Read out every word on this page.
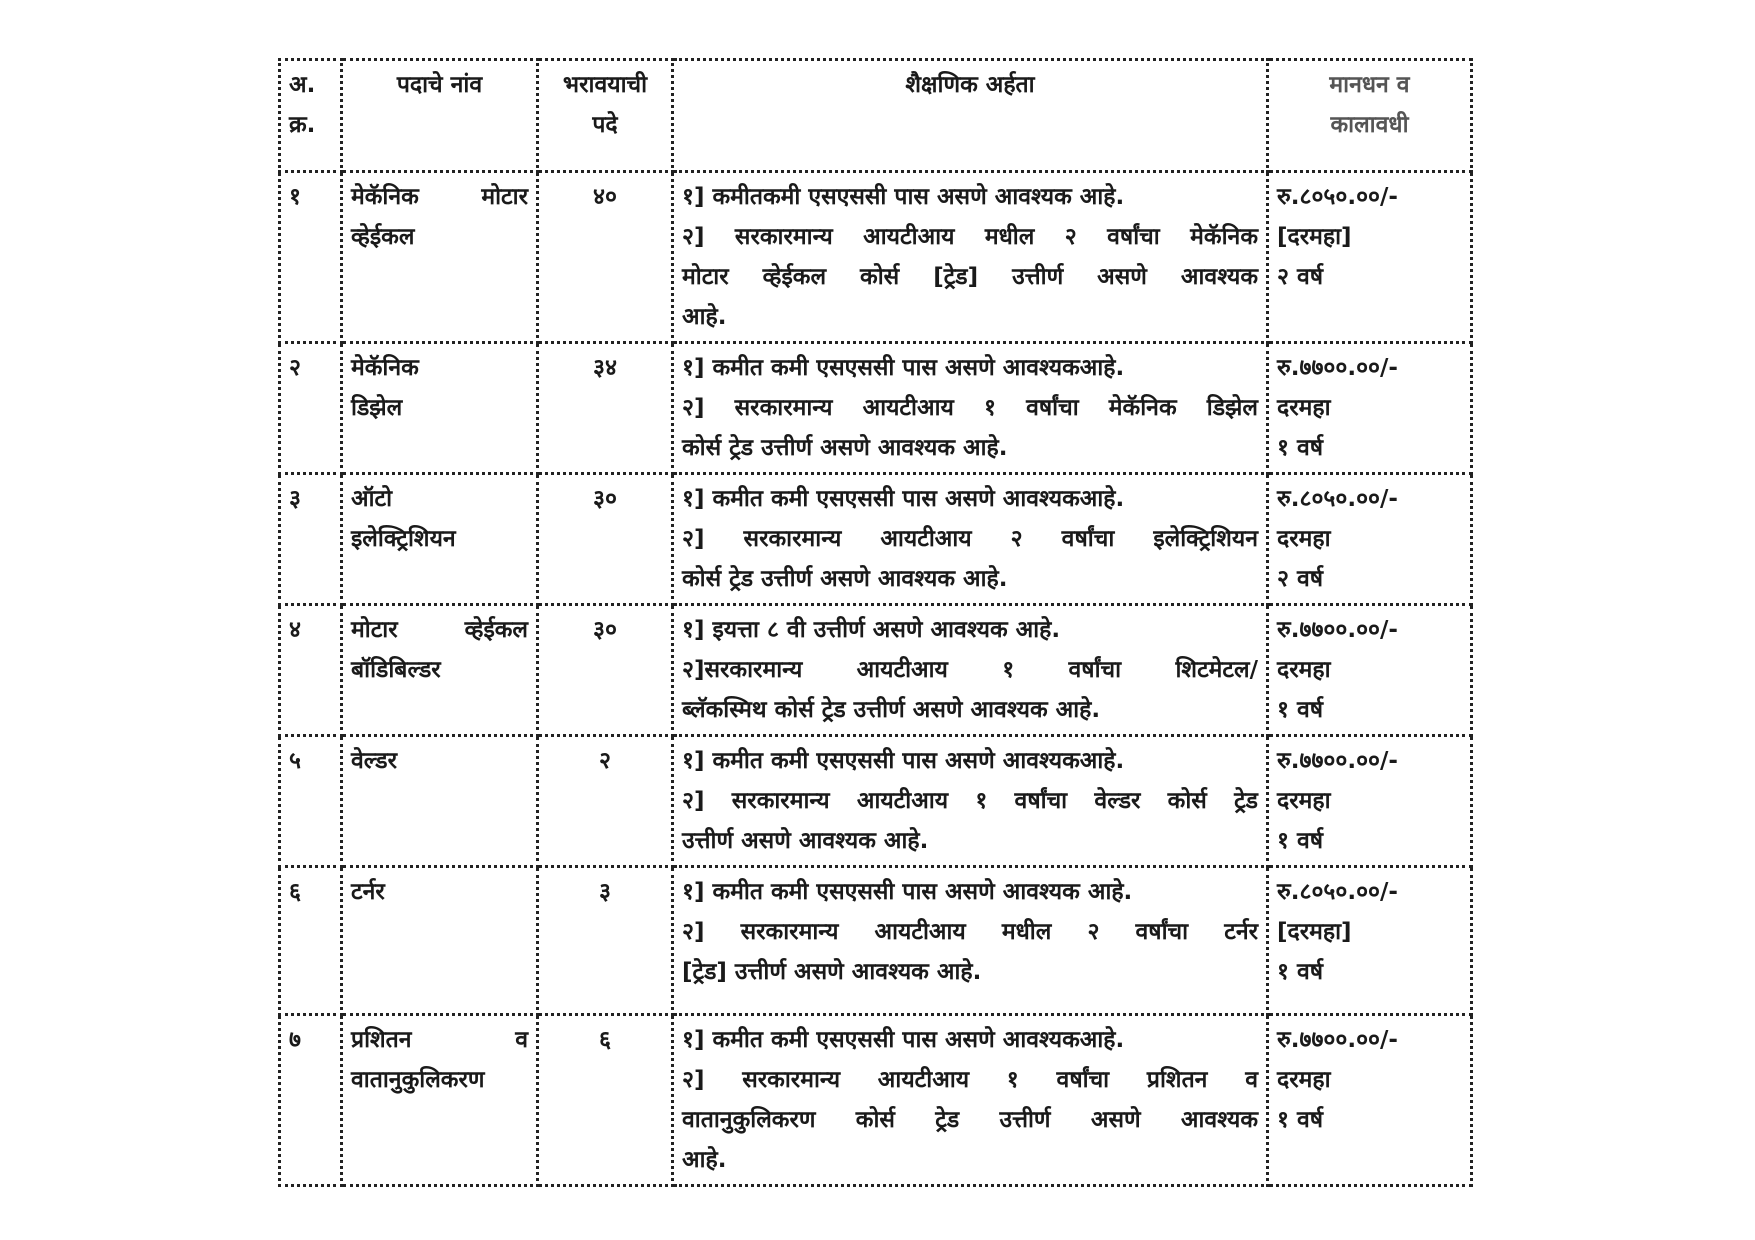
अ.
क्र.	पदाचे नांव	भरावयाची
पदे	शैक्षणिक अर्हता	मानधन व
कालावधी

१	मेकॅनिक मोटार
व्हेईकल	४०	१] कमीतकमी एसएससी पास असणे आवश्यक आहे.
२] सरकारमान्य आयटीआय मधील २ वर्षांचा मेकॅनिक
मोटार व्हेईकल कोर्स [ट्रेड] उत्तीर्ण असणे आवश्यक
आहे.	रु.८०५०.००/-
[दरमहा]
२ वर्ष

२	मेकॅनिक
डिझेल	३४	१] कमीत कमी एसएससी पास असणे आवश्यकआहे.
२] सरकारमान्य आयटीआय १ वर्षांचा मेकॅनिक डिझेल
कोर्स ट्रेड उत्तीर्ण असणे आवश्यक आहे.	रु.७७००.००/-
दरमहा
१ वर्ष

३	ऑटो
इलेक्ट्रिशियन	३०	१] कमीत कमी एसएससी पास असणे आवश्यकआहे.
२] सरकारमान्य आयटीआय २ वर्षांचा इलेक्ट्रिशियन
कोर्स ट्रेड उत्तीर्ण असणे आवश्यक आहे.	रु.८०५०.००/-
दरमहा
२ वर्ष

४	मोटार व्हेईकल
बॉडिबिल्डर	३०	१] इयत्ता ८ वी उत्तीर्ण असणे आवश्यक आहे.
२]सरकारमान्य आयटीआय १ वर्षांचा शिटमेटल/
ब्लॅकस्मिथ कोर्स ट्रेड उत्तीर्ण असणे आवश्यक आहे.	रु.७७००.००/-
दरमहा
१ वर्ष

५	वेल्डर	२	१] कमीत कमी एसएससी पास असणे आवश्यकआहे.
२] सरकारमान्य आयटीआय १ वर्षांचा वेल्डर कोर्स ट्रेड
उत्तीर्ण असणे आवश्यक आहे.	रु.७७००.००/-
दरमहा
१ वर्ष

६	टर्नर	३	१] कमीत कमी एसएससी पास असणे आवश्यक आहे.
२] सरकारमान्य आयटीआय मधील २ वर्षांचा टर्नर
[ट्रेड] उत्तीर्ण असणे आवश्यक आहे.	रु.८०५०.००/-
[दरमहा]
१ वर्ष

७	प्रशितन व
वातानुकुलिकरण	६	१] कमीत कमी एसएससी पास असणे आवश्यकआहे.
२] सरकारमान्य आयटीआय १ वर्षांचा प्रशितन व
वातानुकुलिकरण कोर्स ट्रेड उत्तीर्ण असणे आवश्यक
आहे.	रु.७७००.००/-
दरमहा
१ वर्ष
